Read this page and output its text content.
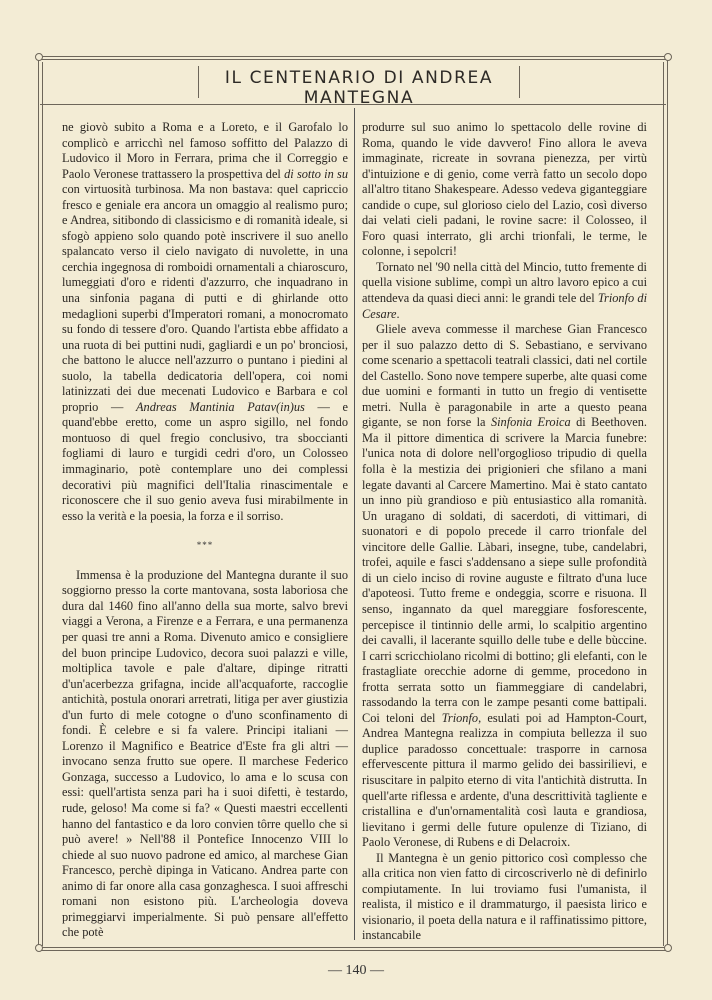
IL CENTENARIO DI ANDREA MANTEGNA

ne giovò subito a Roma e a Loreto, e il Garofalo lo complicò e arricchì nel famoso soffitto del Palazzo di Ludovico il Moro in Ferrara, prima che il Correggio e Paolo Veronese trattassero la prospettiva del di sotto in su con virtuosità turbinosa. Ma non bastava: quel capriccio fresco e geniale era ancora un omaggio al realismo puro; e Andrea, sitibondo di classicismo e di romanità ideale, si sfogò appieno solo quando potè inscrivere il suo anello spalancato verso il cielo navigato di nuvolette, in una cerchia ingegnosa di romboidi ornamentali a chiaroscuro, lumeggiati d'oro e ridenti d'azzurro, che inquadrano in una sinfonia pagana di putti e di ghirlande otto medaglioni superbi d'Imperatori romani, a monocromato su fondo di tessere d'oro. Quando l'artista ebbe affidato a una ruota di bei puttini nudi, gagliardi e un po' bronciosi, che battono le alucce nell'azzurro o puntano i piedini al suolo, la tabella dedicatoria dell'opera, coi nomi latinizzati dei due mecenati Ludovico e Barbara e col proprio — Andreas Mantinia Patav(in)us — e quand'ebbe eretto, come un aspro sigillo, nel fondo montuoso di quel fregio conclusivo, tra sboccianti fogliami di lauro e turgidi cedri d'oro, un Colosseo immaginario, potè contemplare uno dei complessi decorativi più magnifici dell'Italia rinascimentale e riconoscere che il suo genio aveva fusi mirabilmente in esso la verità e la poesia, la forza e il sorriso.

***

Immensa è la produzione del Mantegna durante il suo soggiorno presso la corte mantovana, sosta laboriosa che dura dal 1460 fino all'anno della sua morte, salvo brevi viaggi a Verona, a Firenze e a Ferrara, e una permanenza per quasi tre anni a Roma. Divenuto amico e consigliere del buon principe Ludovico, decora suoi palazzi e ville, moltiplica tavole e pale d'altare, dipinge ritratti d'un'acerbezza grifagna, incide all'acquaforte, raccoglie antichità, postula onorari arretrati, litiga per aver giustizia d'un furto di mele cotogne o d'uno sconfinamento di fondi. È celebre e si fa valere. Principi italiani — Lorenzo il Magnifico e Beatrice d'Este fra gli altri — invocano senza frutto sue opere. Il marchese Federico Gonzaga, successo a Ludovico, lo ama e lo scusa con essi: quell'artista senza pari ha i suoi difetti, è testardo, rude, geloso! Ma come si fa? « Questi maestri eccellenti hanno del fantastico e da loro convien tôrre quello che si può avere! » Nell'88 il Pontefice Innocenzo VIII lo chiede al suo nuovo padrone ed amico, al marchese Gian Francesco, perchè dipinga in Vaticano. Andrea parte con animo di far onore alla casa gonzaghesca. I suoi affreschi romani non esistono più. L'archeologia doveva primeggiarvi imperialmente. Si può pensare all'effetto che potè

produrre sul suo animo lo spettacolo delle rovine di Roma, quando le vide davvero! Fino allora le aveva immaginate, ricreate in sovrana pienezza, per virtù d'intuizione e di genio, come verrà fatto un secolo dopo all'altro titano Shakespeare. Adesso vedeva giganteggiare candide o cupe, sul glorioso cielo del Lazio, così diverso dai velati cieli padani, le rovine sacre: il Colosseo, il Foro quasi interrato, gli archi trionfali, le terme, le colonne, i sepolcri!

Tornato nel '90 nella città del Mincio, tutto fremente di quella visione sublime, compì un altro lavoro epico a cui attendeva da quasi dieci anni: le grandi tele del Trionfo di Cesare.

Gliele aveva commesse il marchese Gian Francesco per il suo palazzo detto di S. Sebastiano, e servivano come scenario a spettacoli teatrali classici, dati nel cortile del Castello. Sono nove tempere superbe, alte quasi come due uomini e formanti in tutto un fregio di ventisette metri. Nulla è paragonabile in arte a questo peana gigante, se non forse la Sinfonia Eroica di Beethoven. Ma il pittore dimentica di scrivere la Marcia funebre: l'unica nota di dolore nell'orgoglioso tripudio di quella folla è la mestizia dei prigionieri che sfilano a mani legate davanti al Carcere Mamertino. Mai è stato cantato un inno più grandioso e più entusiastico alla romanità. Un uragano di soldati, di sacerdoti, di vittimari, di suonatori e di popolo precede il carro trionfale del vincitore delle Gallie. Làbari, insegne, tube, candelabri, trofei, aquile e fasci s'addensano a siepe sulle profondità di un cielo inciso di rovine auguste e filtrato d'una luce d'apoteosi. Tutto freme e ondeggia, scorre e risuona. Il senso, ingannato da quel mareggiare fosforescente, percepisce il tintinnio delle armi, lo scalpitio argentino dei cavalli, il lacerante squillo delle tube e delle bùccine. I carri scricchiolano ricolmi di bottino; gli elefanti, con le frastagliate orecchie adorne di gemme, procedono in frotta serrata sotto un fiammeggiare di candelabri, rassodando la terra con le zampe pesanti come battipali. Coi teloni del Trionfo, esulati poi ad Hampton-Court, Andrea Mantegna realizza in compiuta bellezza il suo duplice paradosso concettuale: trasporre in carnosa effervescente pittura il marmo gelido dei bassirilievi, e risuscitare in palpito eterno di vita l'antichità distrutta. In quell'arte riflessa e ardente, d'una descrittività tagliente e cristallina e d'un'ornamentalità così lauta e grandiosa, lievitano i germi delle future opulenze di Tiziano, di Paolo Veronese, di Rubens e di Delacroix.

Il Mantegna è un genio pittorico così complesso che alla critica non vien fatto di circoscriverlo nè di definirlo compiutamente. In lui troviamo fusi l'umanista, il realista, il mistico e il drammaturgo, il paesista lirico e visionario, il poeta della natura e il raffinatissimo pittore, instancabile

— 140 —
